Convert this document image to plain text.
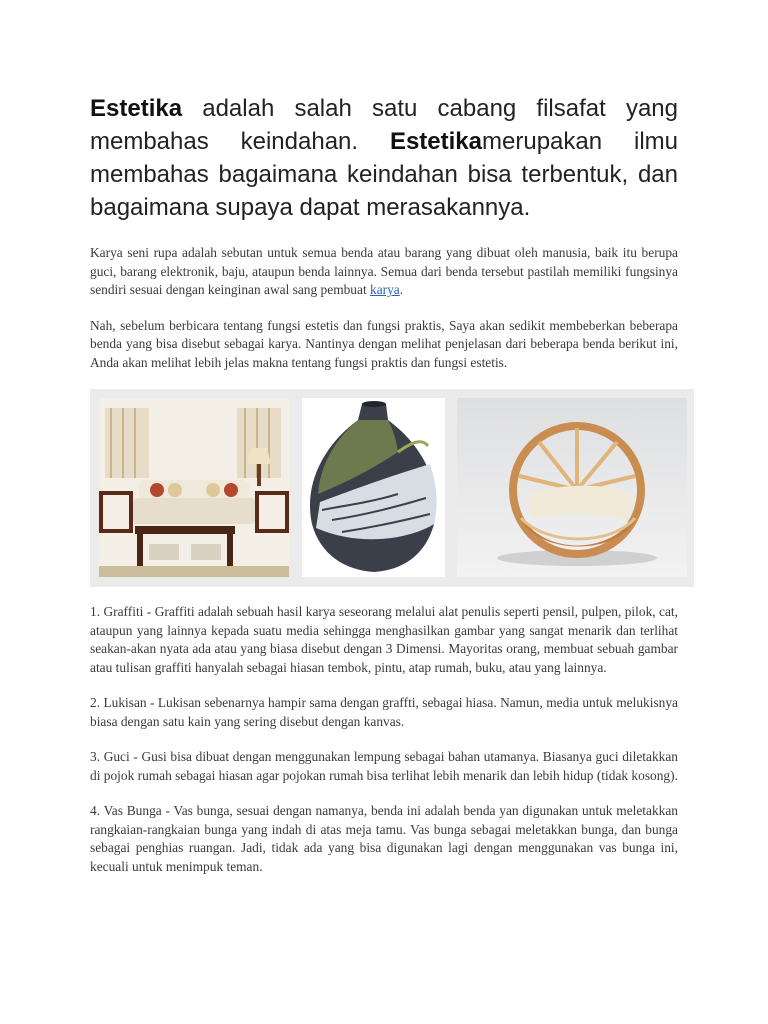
Estetika adalah salah satu cabang filsafat yang membahas keindahan. Estetikamerupakan ilmu membahas bagaimana keindahan bisa terbentuk, dan bagaimana supaya dapat merasakannya.

Karya seni rupa adalah sebutan untuk semua benda atau barang yang dibuat oleh manusia, baik itu berupa guci, barang elektronik, baju, ataupun benda lainnya. Semua dari benda tersebut pastilah memiliki fungsinya sendiri sesuai dengan keinginan awal sang pembuat karya.

Nah, sebelum berbicara tentang fungsi estetis dan fungsi praktis, Saya akan sedikit membeberkan beberapa benda yang bisa disebut sebagai karya. Nantinya dengan melihat penjelasan dari beberapa benda berikut ini, Anda akan melihat lebih jelas makna tentang fungsi praktis dan fungsi estetis.

1. Graffiti - Graffiti adalah sebuah hasil karya seseorang melalui alat penulis seperti pensil, pulpen, pilok, cat, ataupun yang lainnya kepada suatu media sehingga menghasilkan gambar yang sangat menarik dan terlihat seakan-akan nyata ada atau yang biasa disebut dengan 3 Dimensi. Mayoritas orang, membuat sebuah gambar atau tulisan graffiti hanyalah sebagai hiasan tembok, pintu, atap rumah, buku, atau yang lainnya.

2. Lukisan - Lukisan sebenarnya hampir sama dengan graffti, sebagai hiasa. Namun, media untuk melukisnya biasa dengan satu kain yang sering disebut dengan kanvas.

3. Guci - Gusi bisa dibuat dengan menggunakan lempung sebagai bahan utamanya. Biasanya guci diletakkan di pojok rumah sebagai hiasan agar pojokan rumah bisa terlihat lebih menarik dan lebih hidup (tidak kosong).

4. Vas Bunga - Vas bunga, sesuai dengan namanya, benda ini adalah benda yan digunakan untuk meletakkan rangkaian-rangkaian bunga yang indah di atas meja tamu. Vas bunga sebagai meletakkan bunga, dan bunga sebagai penghias ruangan. Jadi, tidak ada yang bisa digunakan lagi dengan menggunakan vas bunga ini, kecuali untuk menimpuk teman.
